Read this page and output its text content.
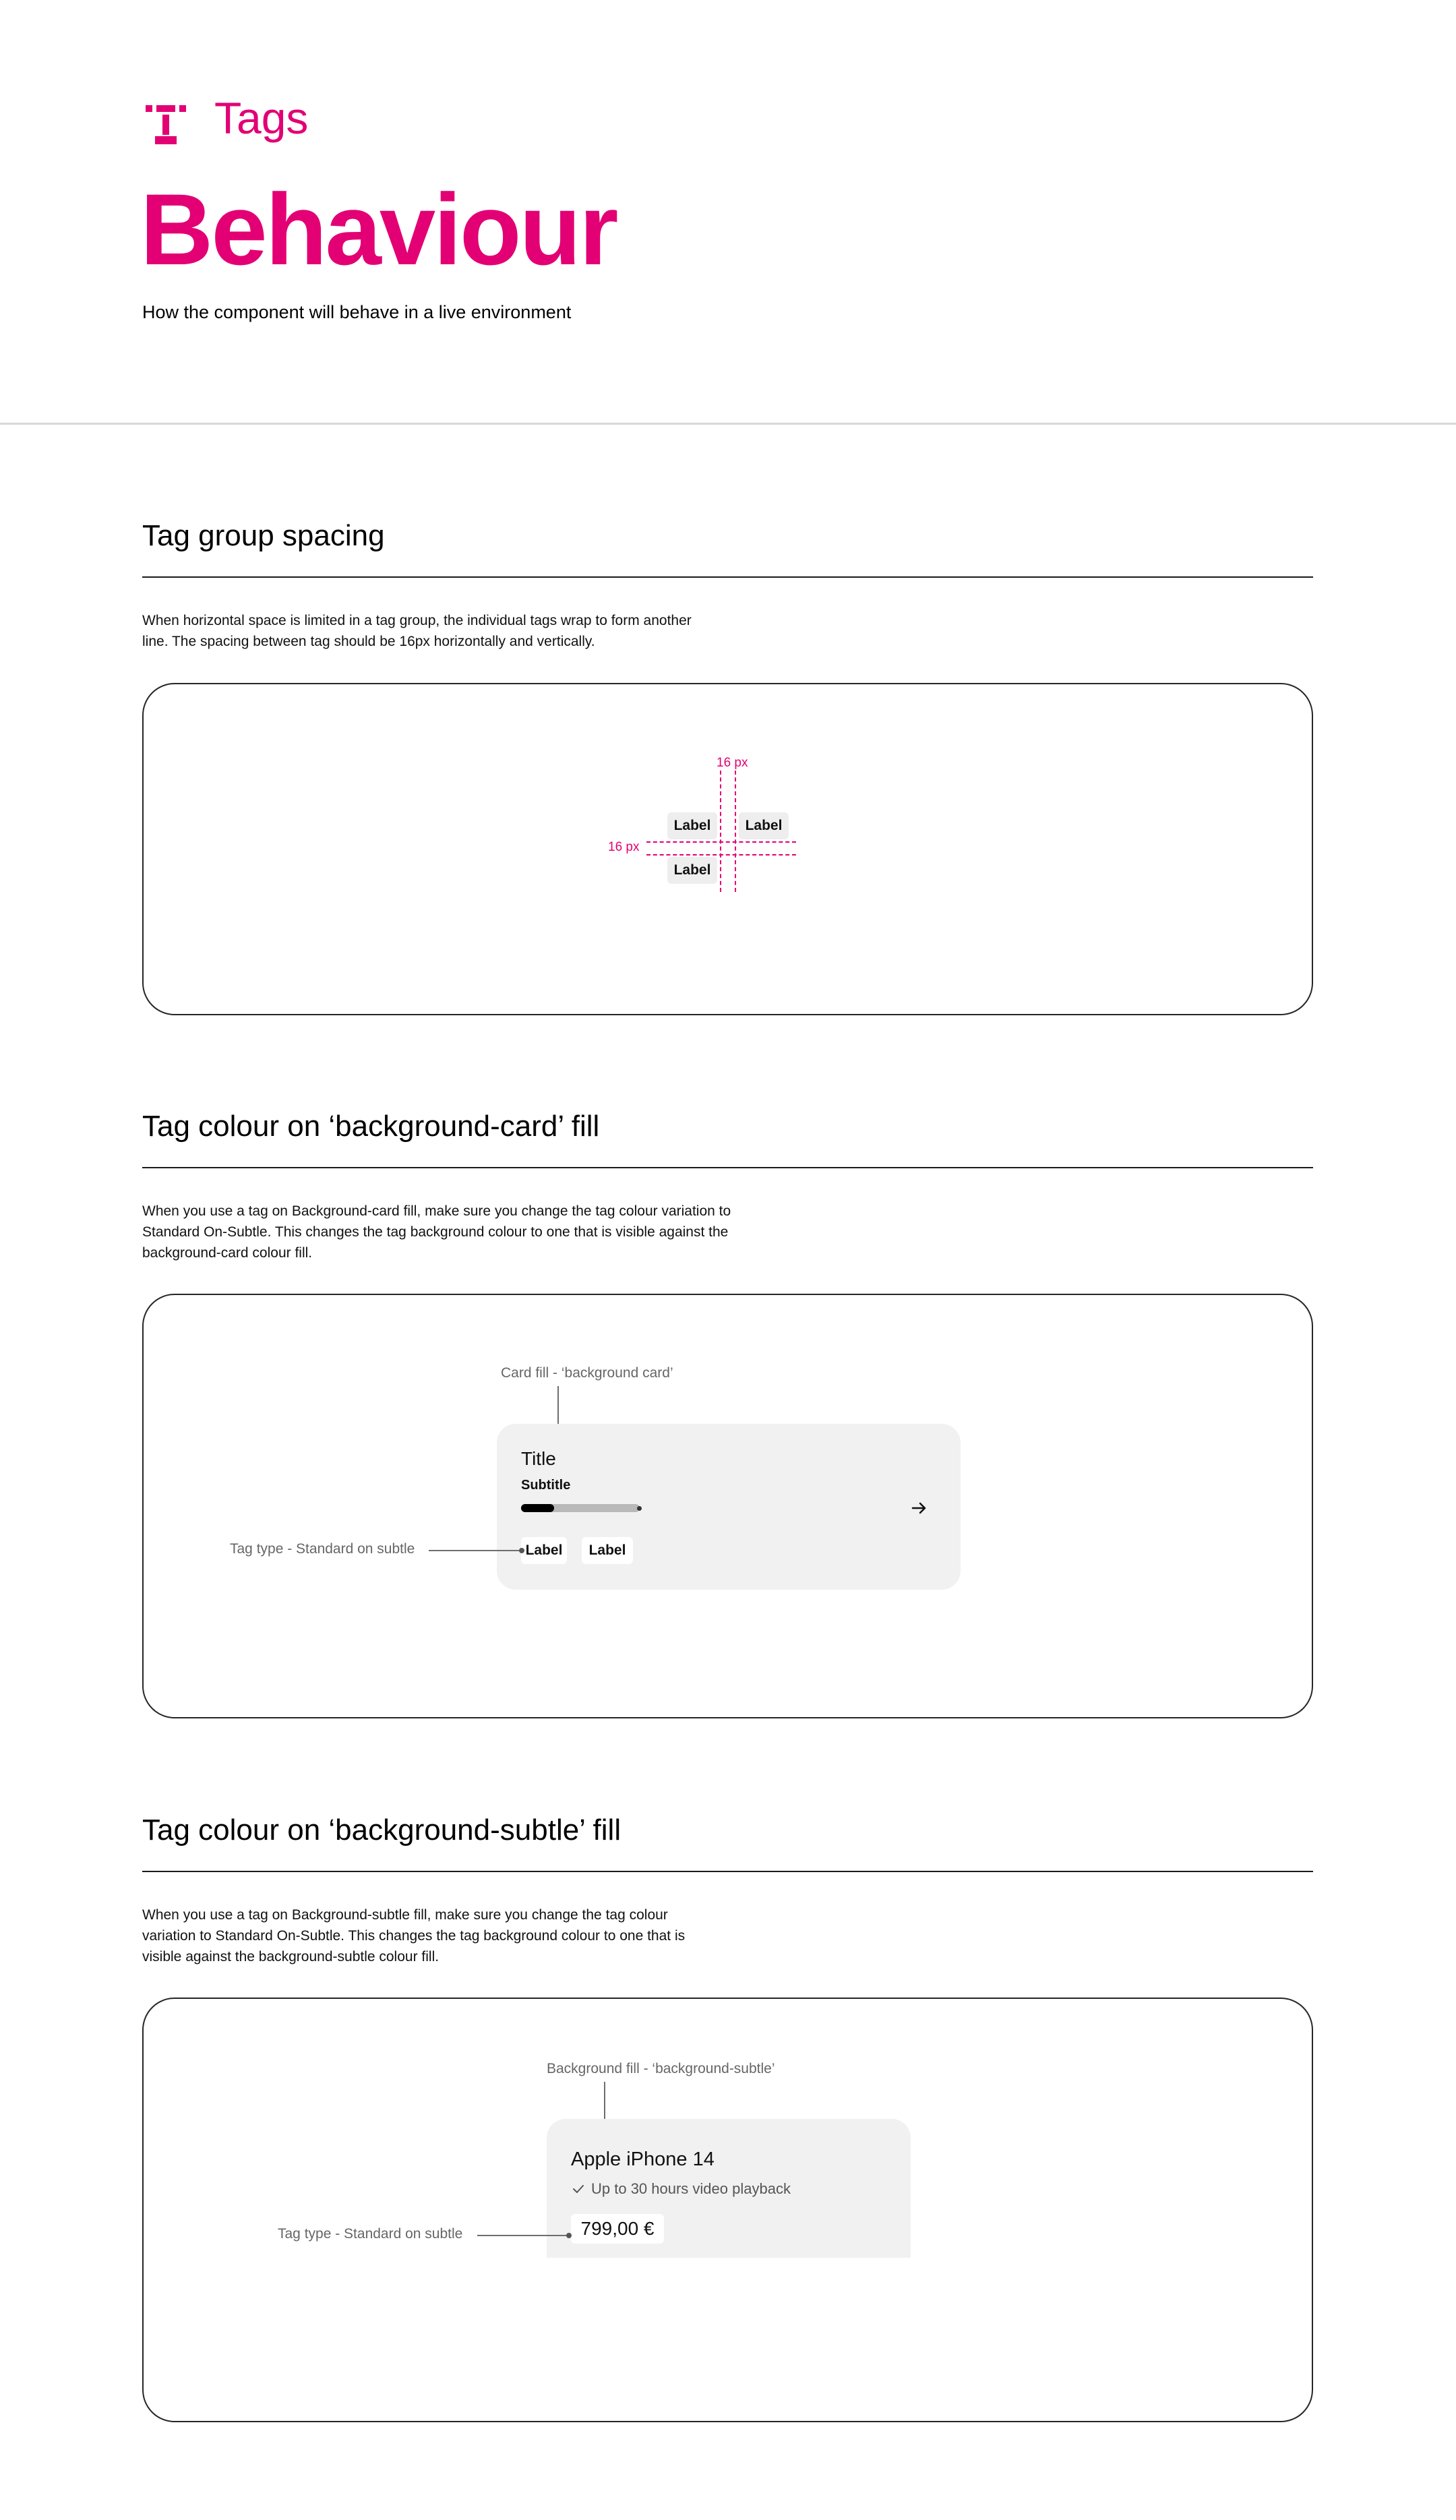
Tags
Behaviour
How the component will behave in a live environment
Tag group spacing
When horizontal space is limited in a tag group, the individual tags wrap to form another line. The spacing between tag should be 16px horizontally and vertically.
Label	Label
Label
16 px
16 px
Tag colour on ‘background-card’ fill
When you use a tag on Background-card fill, make sure you change the tag colour variation to Standard On-Subtle. This changes the tag background colour to one that is visible against the background-card colour fill.
Card fill - ‘background card’
Title
Subtitle
Label	Label
Tag type - Standard on subtle
Tag colour on ‘background-subtle’ fill
When you use a tag on Background-subtle fill, make sure you change the tag colour variation to Standard On-Subtle. This changes the tag background colour to one that is visible against the background-subtle colour fill.
Background fill - ‘background-subtle’
Apple iPhone 14
Up to 30 hours video playback
799,00 €
Tag type - Standard on subtle
